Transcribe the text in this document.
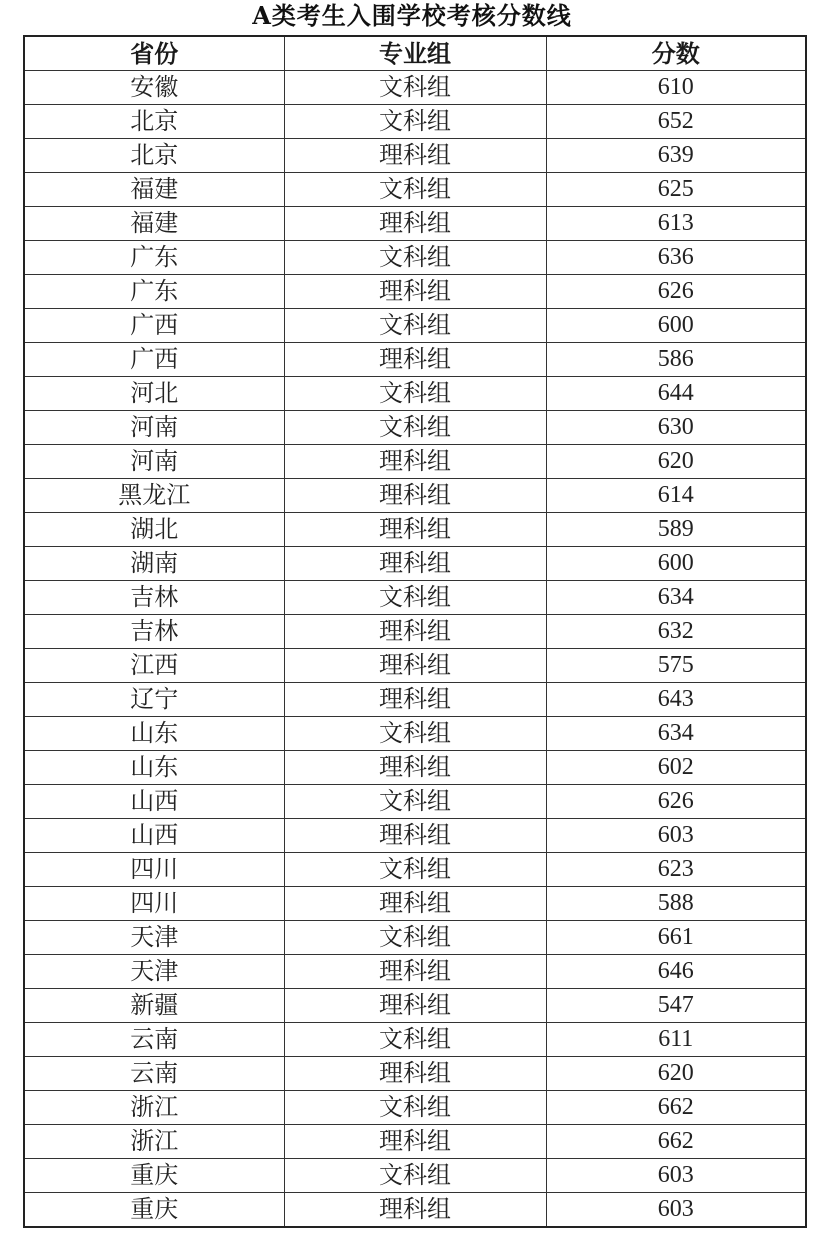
A类考生入围学校考核分数线
省份	专业组	分数
安徽	文科组	610
北京	文科组	652
北京	理科组	639
福建	文科组	625
福建	理科组	613
广东	文科组	636
广东	理科组	626
广西	文科组	600
广西	理科组	586
河北	文科组	644
河南	文科组	630
河南	理科组	620
黑龙江	理科组	614
湖北	理科组	589
湖南	理科组	600
吉林	文科组	634
吉林	理科组	632
江西	理科组	575
辽宁	理科组	643
山东	文科组	634
山东	理科组	602
山西	文科组	626
山西	理科组	603
四川	文科组	623
四川	理科组	588
天津	文科组	661
天津	理科组	646
新疆	理科组	547
云南	文科组	611
云南	理科组	620
浙江	文科组	662
浙江	理科组	662
重庆	文科组	603
重庆	理科组	603
